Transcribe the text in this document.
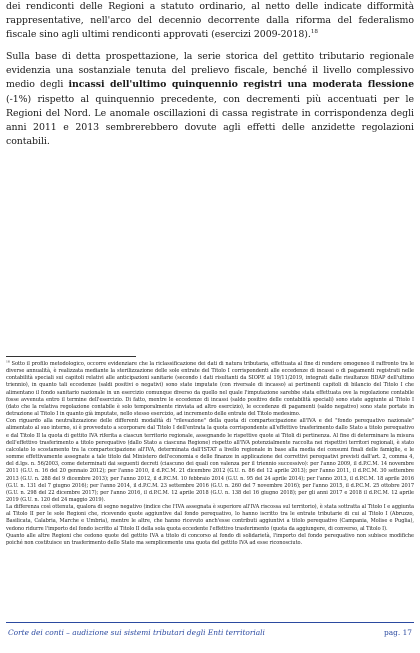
dei rendiconti delle Regioni a statuto ordinario, al netto delle indicate difformità rappresentative, nell'arco del decennio decorrente dalla riforma del federalismo fiscale sino agli ultimi rendiconti approvati (esercizi 2009-2018).$^{18}$

Sulla base di detta prospettazione, la serie storica del gettito tributario regionale evidenzia una sostanziale tenuta del prelievo fiscale, benché il livello complessivo medio degli incassi dell'ultimo quinquennio registri una moderata flessione (-1%) rispetto al quinquennio precedente, con decrementi più accentuati per le Regioni del Nord. Le anomale oscillazioni di cassa registrate in corrispondenza degli anni 2011 e 2013 sembrerebbero dovute agli effetti delle anzidette regolazioni contabili.

$^{18}$ Sotto il profilo metodologico, occorre evidenziare che la riclassificazione dei dati di natura tributaria, effettuata al fine di rendere omogeneo il raffronto tra le diverse annualità, è realizzata mediante la sterilizzazione delle sole entrate del Titolo I corrispondenti alle eccedenze di incassi o di pagamenti registrati nelle contabilità speciali sui capitoli relativi alle anticipazioni sanitarie (secondo i dati risultanti da SIOPE al 19/11/2019, integrati dalle risultanze BDAP dell'ultimo triennio), in quanto tali eccedenze (saldi positivi o negativi) sono state imputate (con riversale di incasso) ai pertinenti capitoli di bilancio del Titolo I che alimentano il fondo sanitario nazionale in un esercizio comunque diverso da quello nel quale l'imputazione sarebbe stata effettuata ove la regolazione contabile fosse avvenuta entro il termine dell'esercizio. Di fatto, mentre le eccedenze di incassi (saldo positivo delle contabilità speciali) sono state aggiunte al Titolo I (dato che la relativa regolazione contabile è solo temporalmente rinviata ad altro esercizio), le eccedenze di pagamenti (saldo negativo) sono state portate in detrazione al Titolo I in quanto già imputate, nello stesso esercizio, ad incremento delle entrate del Titolo medesimo.

Con riguardo alla neutralizzazione delle differenti modalità di "rilevazione" della quota di compartecipazione all'IVA e del "fondo perequativo nazionale" alimentato al suo interno, si è provveduto a scorporare dal Titolo I dell'entrata la quota corrispondente all'effettivo trasferimento dallo Stato a titolo perequativo e dal Titolo II la quota di gettito IVA riferita a ciascun territorio regionale, assegnando le rispettive quote ai Titoli di pertinenza. Al fine di determinare la misura dell'effettivo trasferimento a titolo perequativo (dallo Stato a ciascuna Regione) rispetto all'IVA potenzialmente raccolta nei rispettivi territori regionali, è stato calcolato lo scostamento tra la compartecipazione all'IVA, determinata dall'ISTAT a livello regionale in base alla media dei consumi finali delle famiglie, e le somme effettivamente assegnate a tale titolo dal Ministero dell'economia e delle finanze in applicazione dei correttivi perequativi previsti dall'art. 2, comma 4, del d.lgs. n. 56/2003, come determinati dai seguenti decreti (ciascuno dei quali con valenza per il triennio successivo): per l'anno 2009, il d.P.C.M. 14 novembre 2011 (G.U. n. 16 del 20 gennaio 2012); per l'anno 2010, il d.P.C.M. 21 dicembre 2012 (G.U. n. 86 del 12 aprile 2013); per l'anno 2011, il d.P.C.M. 30 settembre 2013 (G.U. n. 288 del 9 dicembre 2013); per l'anno 2012, il d.P.C.M. 10 febbraio 2014 (G.U. n. 95 del 24 aprile 2014); per l'anno 2013, il d.P.C.M. 18 aprile 2016 (G.U. n. 131 del 7 giugno 2016); per l'anno 2014, il d.P.C.M. 23 settembre 2016 (G.U. n. 260 del 7 novembre 2016); per l'anno 2015, il d.P.C.M. 25 ottobre 2017 (G.U. n. 298 del 22 dicembre 2017); per l'anno 2016, il d.P.C.M. 12 aprile 2018 (G.U. n. 138 del 16 giugno 2018); per gli anni 2017 e 2018 il d.P.C.M. 12 aprile 2019 (G.U. n. 120 del 24 maggio 2019).

La differenza così ottenuta, qualora di segno negativo (indice che l'IVA assegnata è superiore all'IVA riscossa sul territorio), è stata sottratta al Titolo I e aggiunta al Titolo II per le sole Regioni che, ricevendo quote aggiuntive dal fondo perequativo, lo hanno iscritto tra le entrate tributarie di cui al Titolo I (Abruzzo, Basilicata, Calabria, Marche e Umbria), mentre le altre, che hanno ricevuto anch'esse contributi aggiuntivi a titolo perequativo (Campania, Molise e Puglia), vedono ridurre l'importo del fondo iscritto al Titolo II della sola quota eccedente l'effettivo trasferimento (quota da aggiungere, di converso, al Titolo I).

Quanto alle altre Regioni che cedono quote del gettito IVA a titolo di concorso al fondo di solidarietà, l'importo del fondo perequativo non subisce modifiche poiché non costituisce un trasferimento dello Stato ma semplicemente una quota del gettito IVA ad esse riconosciuto.

Corte dei conti – audizione sui sistemi tributari degli Enti territoriali	pag. 17
